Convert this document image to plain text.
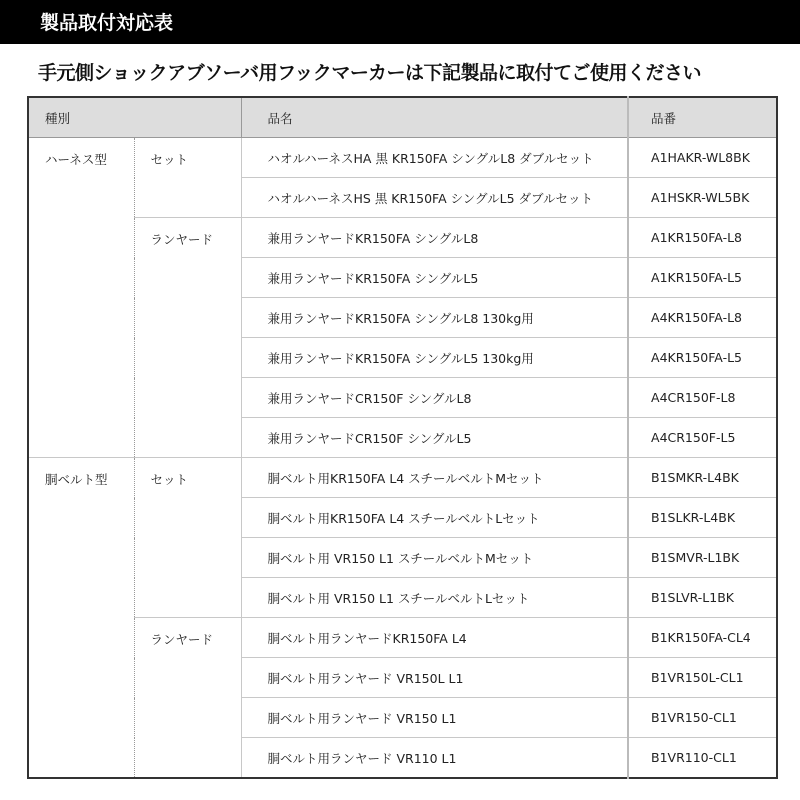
製品取付対応表

手元側ショックアブソーバ用フックマーカーは下記製品に取付てご使用ください

種別		品名	品番
ハーネス型	セット	ハオルハーネスHA 黒 KR150FA シングルL8 ダブルセット	A1HAKR-WL8BK
		ハオルハーネスHS 黒 KR150FA シングルL5 ダブルセット	A1HSKR-WL5BK
	ランヤード	兼用ランヤードKR150FA シングルL8	A1KR150FA-L8
		兼用ランヤードKR150FA シングルL5	A1KR150FA-L5
		兼用ランヤードKR150FA シングルL8 130kg用	A4KR150FA-L8
		兼用ランヤードKR150FA シングルL5 130kg用	A4KR150FA-L5
		兼用ランヤードCR150F シングルL8	A4CR150F-L8
		兼用ランヤードCR150F シングルL5	A4CR150F-L5
胴ベルト型	セット	胴ベルト用KR150FA L4 スチールベルトMセット	B1SMKR-L4BK
		胴ベルト用KR150FA L4 スチールベルトLセット	B1SLKR-L4BK
		胴ベルト用 VR150 L1 スチールベルトMセット	B1SMVR-L1BK
		胴ベルト用 VR150 L1 スチールベルトLセット	B1SLVR-L1BK
	ランヤード	胴ベルト用ランヤードKR150FA L4	B1KR150FA-CL4
		胴ベルト用ランヤード VR150L L1	B1VR150L-CL1
		胴ベルト用ランヤード VR150 L1	B1VR150-CL1
		胴ベルト用ランヤード VR110 L1	B1VR110-CL1
